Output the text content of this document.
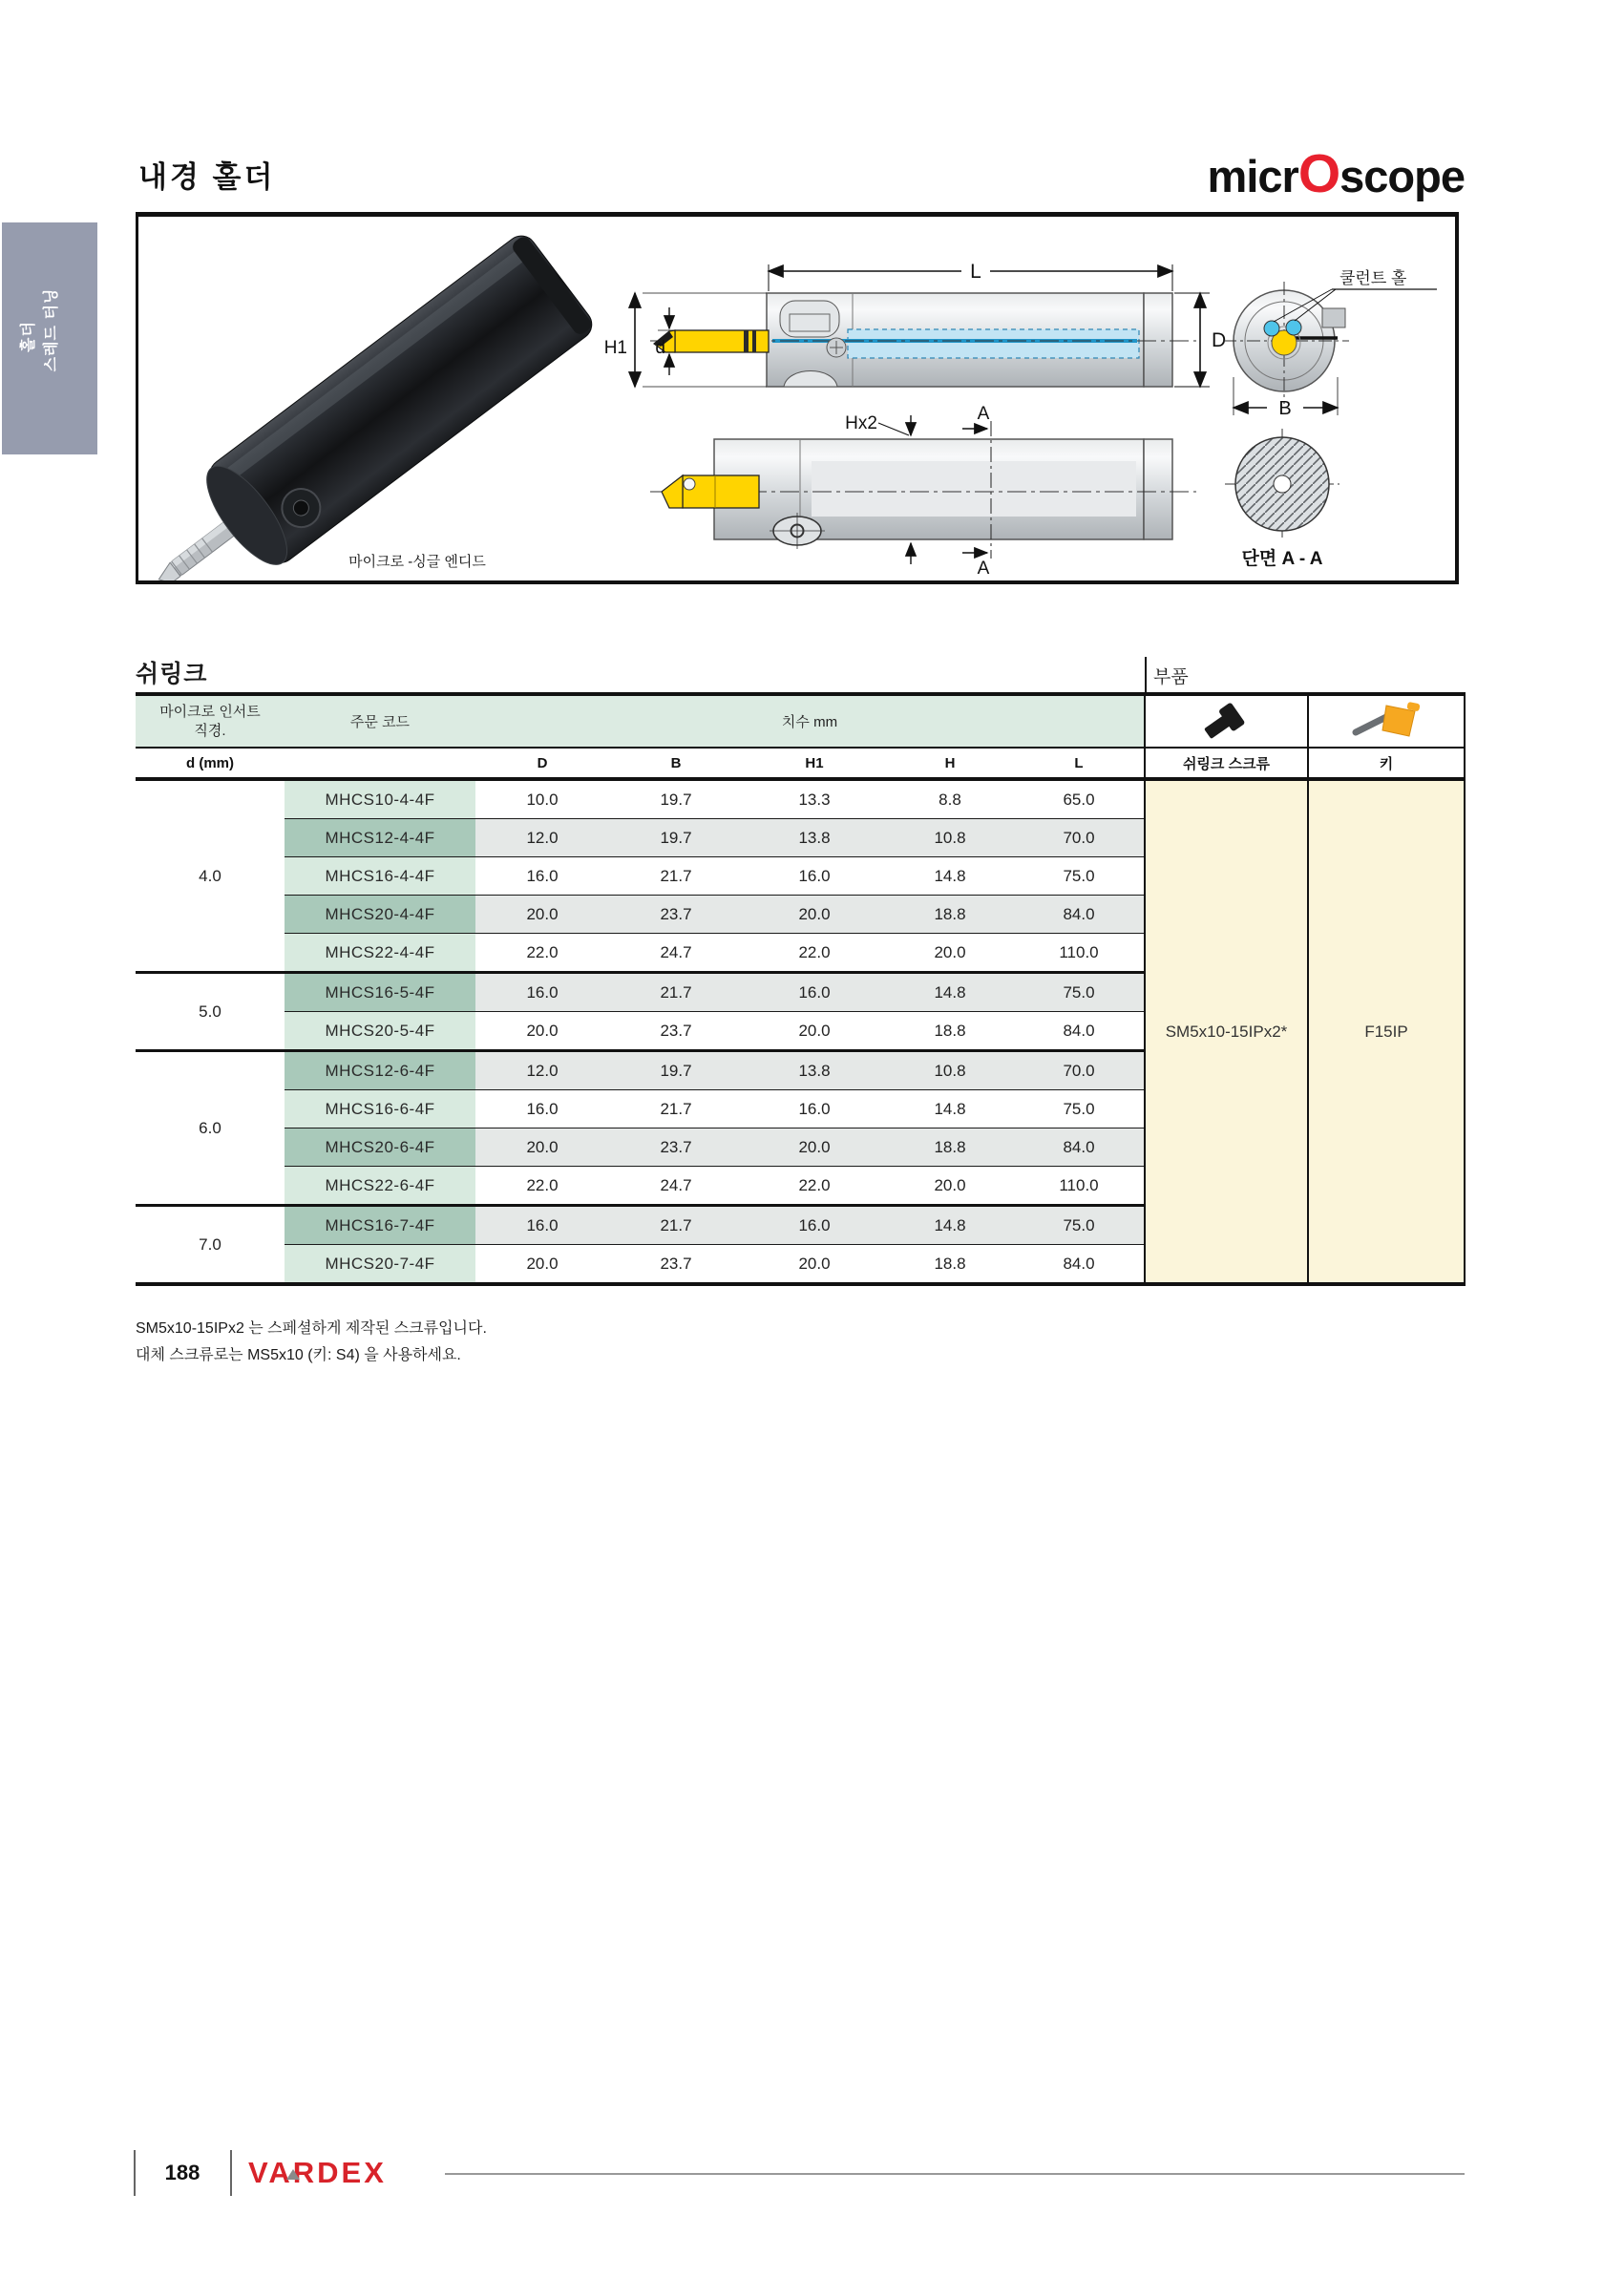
스레드 터닝
홀더
내경 홀더	micrOscope
마이크로 -싱글 엔디드
L
D
H1 d
Hx2	A
A
쿨런트 홀
B
단면 A - A
쉬링크	부품
마이크로 인서트
직경.	주문 코드	치수 mm		
d (mm)		D	B	H1	H	L	쉬링크 스크류	키
4.0	MHCS10-4-4F	10.0	19.7	13.3	8.8	65.0	SM5x10-15IPx2*	F15IP
	MHCS12-4-4F	12.0	19.7	13.8	10.8	70.0		
	MHCS16-4-4F	16.0	21.7	16.0	14.8	75.0		
	MHCS20-4-4F	20.0	23.7	20.0	18.8	84.0		
	MHCS22-4-4F	22.0	24.7	22.0	20.0	110.0		
5.0	MHCS16-5-4F	16.0	21.7	16.0	14.8	75.0		
	MHCS20-5-4F	20.0	23.7	20.0	18.8	84.0		
6.0	MHCS12-6-4F	12.0	19.7	13.8	10.8	70.0		
	MHCS16-6-4F	16.0	21.7	16.0	14.8	75.0		
	MHCS20-6-4F	20.0	23.7	20.0	18.8	84.0		
	MHCS22-6-4F	22.0	24.7	22.0	20.0	110.0		
7.0	MHCS16-7-4F	16.0	21.7	16.0	14.8	75.0		
	MHCS20-7-4F	20.0	23.7	20.0	18.8	84.0		
SM5x10-15IPx2 는 스페셜하게 제작된 스크류입니다.
대체 스크류로는 MS5x10 (키: S4) 을 사용하세요.
188	VARDEX
